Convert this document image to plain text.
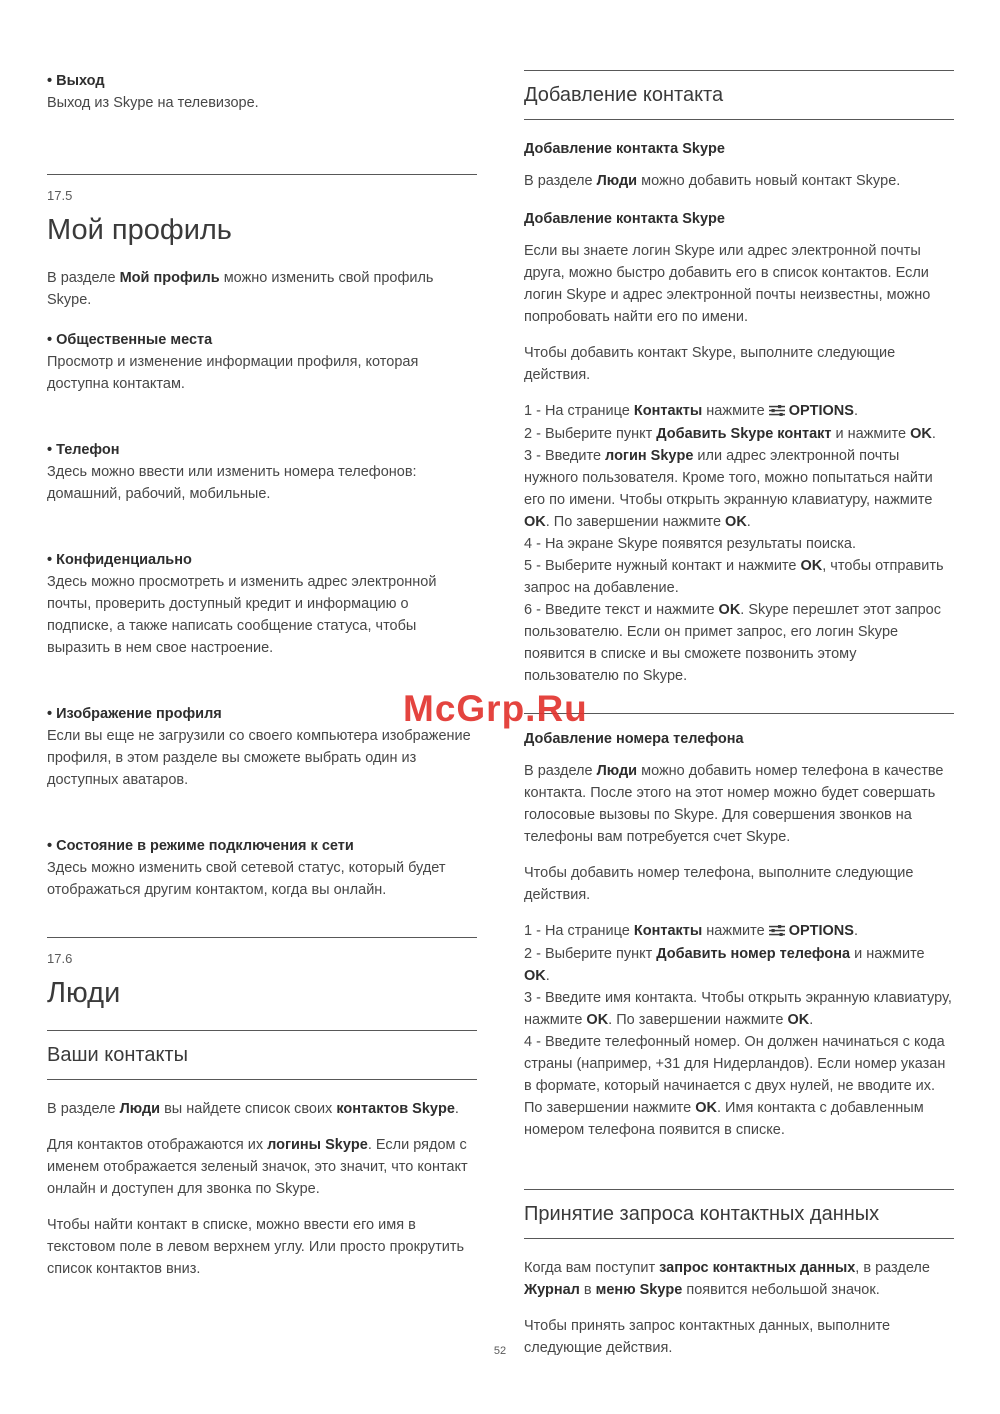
• Выход

Выход из Skype на телевизоре.

17.5

Мой профиль

В разделе Мой профиль можно изменить свой профиль Skype.

• Общественные места

Просмотр и изменение информации профиля, которая доступна контактам.

• Телефон

Здесь можно ввести или изменить номера телефонов: домашний, рабочий, мобильные.

• Конфиденциально

Здесь можно просмотреть и изменить адрес электронной почты, проверить доступный кредит и информацию о подписке, а также написать сообщение статуса, чтобы выразить в нем свое настроение.

• Изображение профиля

Если вы еще не загрузили со своего компьютера изображение профиля, в этом разделе вы сможете выбрать один из доступных аватаров.

• Состояние в режиме подключения к сети

Здесь можно изменить свой сетевой статус, который будет отображаться другим контактом, когда вы онлайн.

17.6

Люди
Ваши контакты

В разделе Люди вы найдете список своих контактов Skype.

Для контактов отображаются их логины Skype. Если рядом с именем отображается зеленый значок, это значит, что контакт онлайн и доступен для звонка по Skype.

Чтобы найти контакт в списке, можно ввести его имя в текстовом поле в левом верхнем углу. Или просто прокрутить список контактов вниз.

Добавление контакта

Добавление контакта Skype

В разделе Люди можно добавить новый контакт Skype.

Добавление контакта Skype

Если вы знаете логин Skype или адрес электронной почты друга, можно быстро добавить его в список контактов. Если логин Skype и адрес электронной почты неизвестны, можно попробовать найти его по имени.

Чтобы добавить контакт Skype, выполните следующие действия.

1 - На странице Контакты нажмите OPTIONS.
2 - Выберите пункт Добавить Skype контакт и нажмите OK.
3 - Введите логин Skype или адрес электронной почты нужного пользователя. Кроме того, можно попытаться найти его по имени. Чтобы открыть экранную клавиатуру, нажмите OK. По завершении нажмите OK.
4 - На экране Skype появятся результаты поиска.
5 - Выберите нужный контакт и нажмите OK, чтобы отправить запрос на добавление.
6 - Введите текст и нажмите OK. Skype перешлет этот запрос пользователю. Если он примет запрос, его логин Skype появится в списке и вы сможете позвонить этому пользователю по Skype.

Добавление номера телефона

В разделе Люди можно добавить номер телефона в качестве контакта. После этого на этот номер можно будет совершать голосовые вызовы по Skype. Для совершения звонков на телефоны вам потребуется счет Skype.

Чтобы добавить номер телефона, выполните следующие действия.

1 - На странице Контакты нажмите OPTIONS.
2 - Выберите пункт Добавить номер телефона и нажмите OK.
3 - Введите имя контакта. Чтобы открыть экранную клавиатуру, нажмите OK. По завершении нажмите OK.
4 - Введите телефонный номер. Он должен начинаться с кода страны (например, +31 для Нидерландов). Если номер указан в формате, который начинается с двух нулей, не вводите их. По завершении нажмите OK. Имя контакта с добавленным номером телефона появится в списке.
Принятие запроса контактных данных

Когда вам поступит запрос контактных данных, в разделе Журнал в меню Skype появится небольшой значок.

Чтобы принять запрос контактных данных, выполните следующие действия.

McGrp.Ru
52
